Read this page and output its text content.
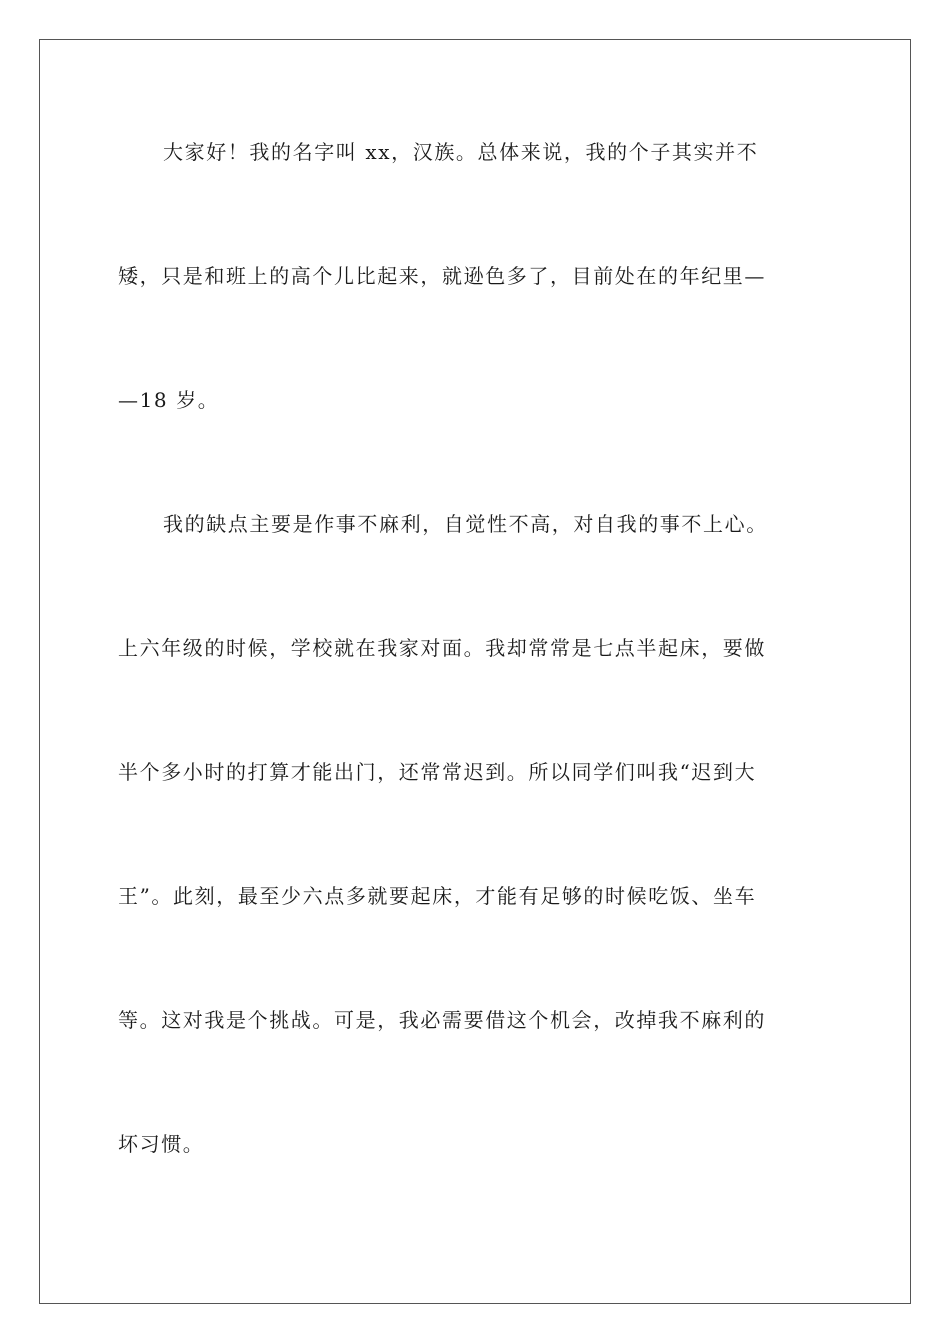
大家好！我的名字叫 xx，汉族。总体来说，我的个子其实并不
矮，只是和班上的高个儿比起来，就逊色多了，目前处在的年纪里—
—18 岁。
我的缺点主要是作事不麻利，自觉性不高，对自我的事不上心。
上六年级的时候，学校就在我家对面。我却常常是七点半起床，要做
半个多小时的打算才能出门，还常常迟到。所以同学们叫我“迟到大
王”。此刻，最至少六点多就要起床，才能有足够的时候吃饭、坐车
等。这对我是个挑战。可是，我必需要借这个机会，改掉我不麻利的
坏习惯。
